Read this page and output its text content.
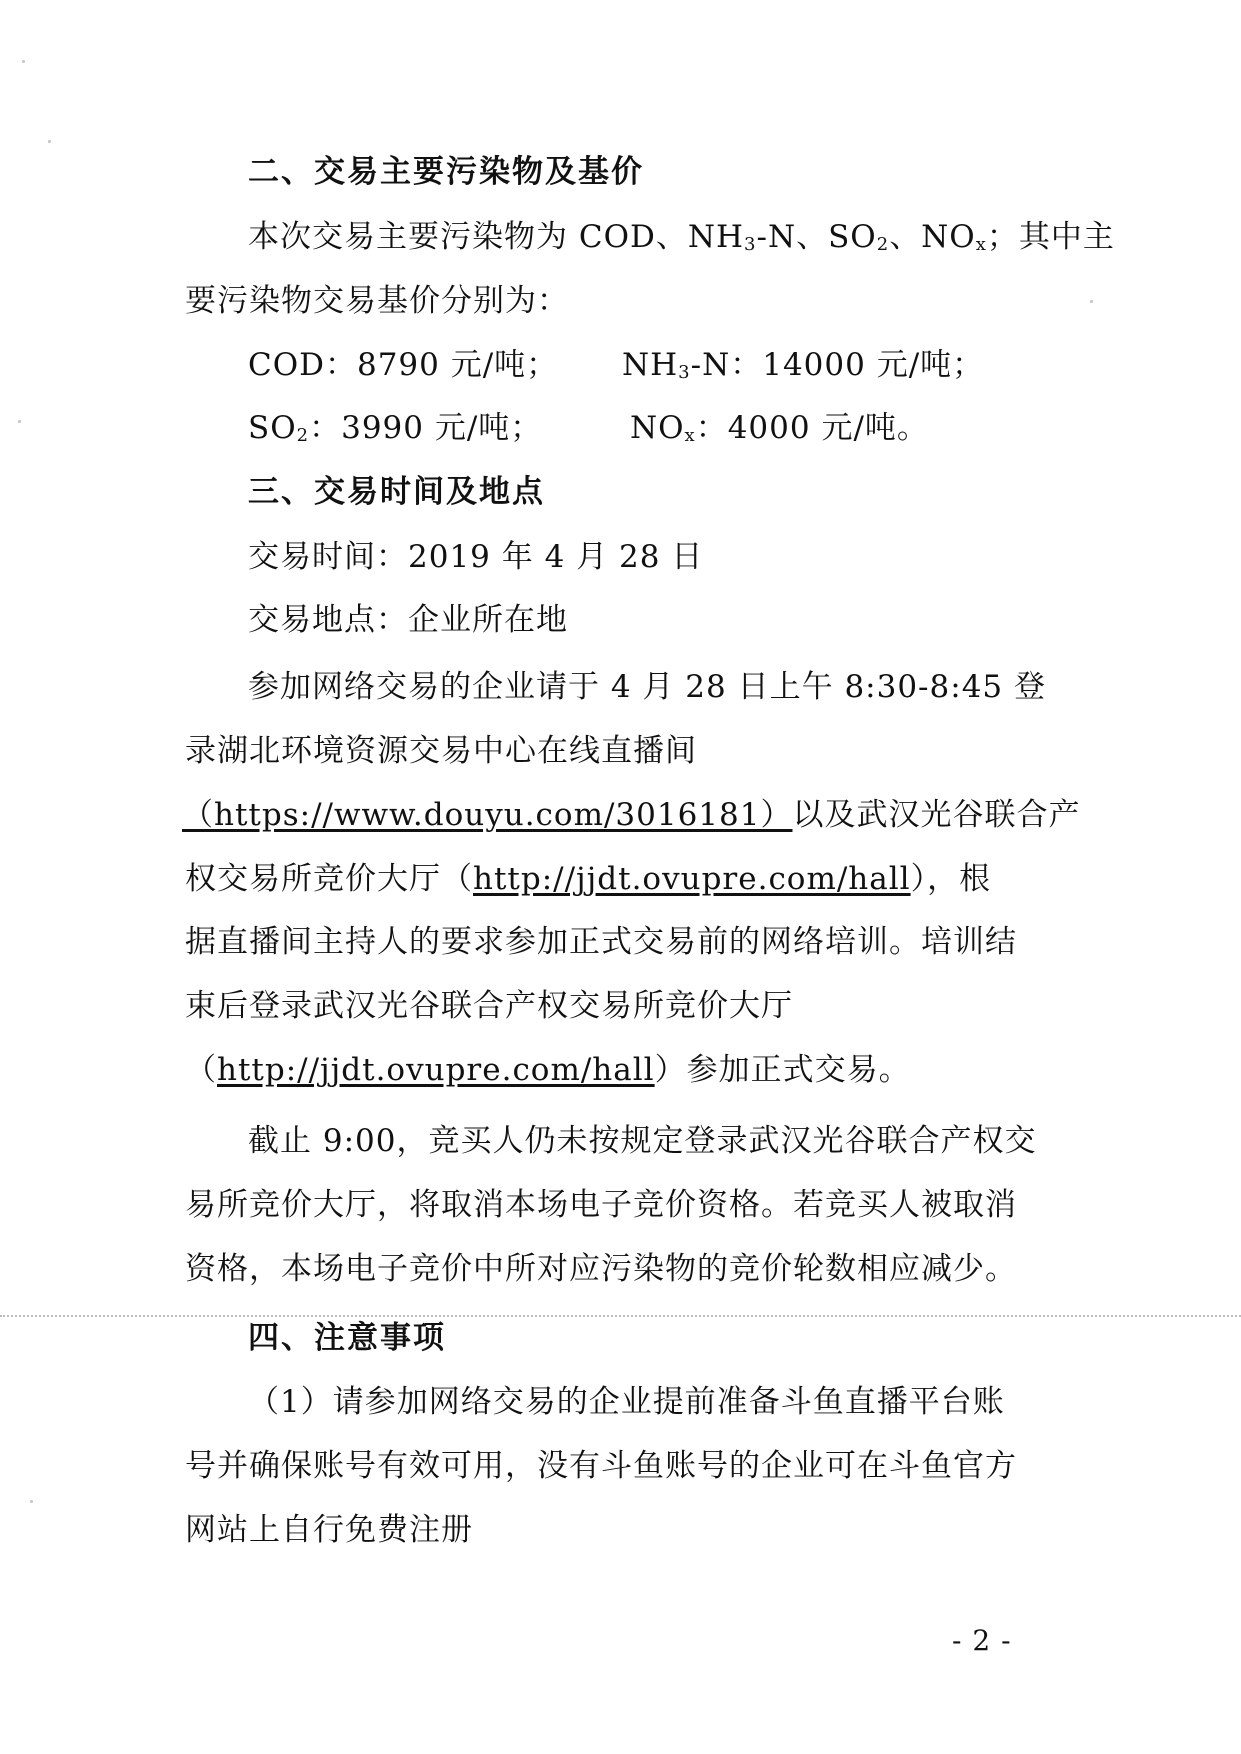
二、交易主要污染物及基价
本次交易主要污染物为 COD、$NH_3-N$、$SO_2$、$NO_x$；其中主
要污染物交易基价分别为：
COD：8790 元/吨； $NH_3-N$：14000 元/吨；
$SO_2$：3990 元/吨；	$NO_x$：4000 元/吨。
三、交易时间及地点
交易时间：2019 年 4 月 28 日
交易地点：企业所在地
参加网络交易的企业请于 4 月 28 日上午 8:30-8:45 登
录湖北环境资源交易中心在线直播间
（https://www.douyu.com/3016181）以及武汉光谷联合产
权交易所竞价大厅（http://jjdt.ovupre.com/hall），根
据直播间主持人的要求参加正式交易前的网络培训。培训结
束后登录武汉光谷联合产权交易所竞价大厅
（http://jjdt.ovupre.com/hall）参加正式交易。
截止 9:00，竞买人仍未按规定登录武汉光谷联合产权交
易所竞价大厅，将取消本场电子竞价资格。若竞买人被取消
资格，本场电子竞价中所对应污染物的竞价轮数相应减少。
四、注意事项
（1）请参加网络交易的企业提前准备斗鱼直播平台账
号并确保账号有效可用，没有斗鱼账号的企业可在斗鱼官方
网站上自行免费注册
- 2 -
